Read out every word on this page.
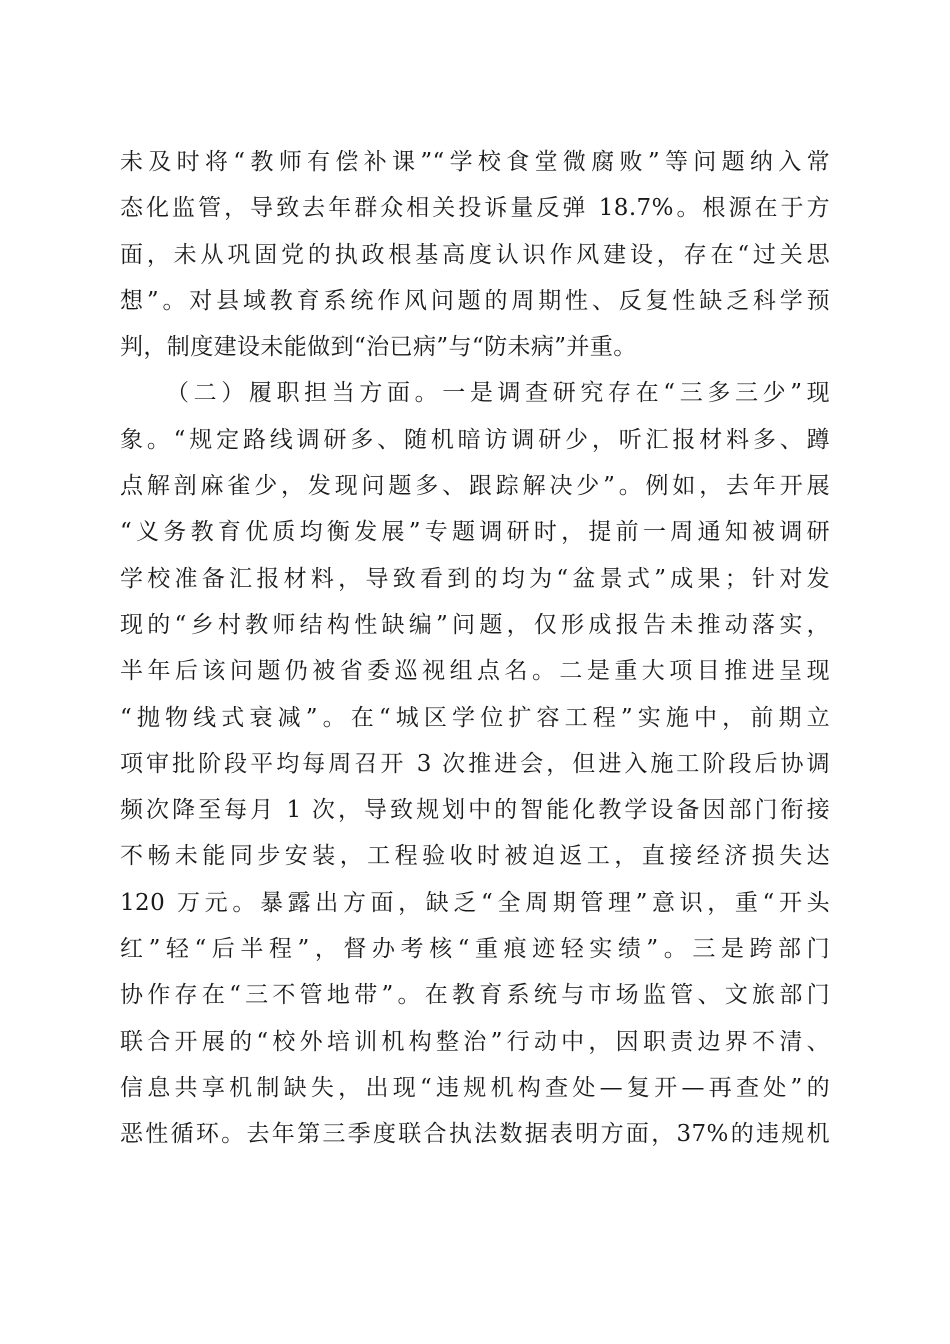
未及时将“教师有偿补课”“学校食堂微腐败”等问题纳入常
态化监管，导致去年群众相关投诉量反弹 18.7%。根源在于方
面，未从巩固党的执政根基高度认识作风建设，存在“过关思
想”。对县域教育系统作风问题的周期性、反复性缺乏科学预
判，制度建设未能做到“治已病”与“防未病”并重。
（二）履职担当方面。一是调查研究存在“三多三少”现
象。“规定路线调研多、随机暗访调研少，听汇报材料多、蹲
点解剖麻雀少，发现问题多、跟踪解决少”。例如，去年开展
“义务教育优质均衡发展”专题调研时，提前一周通知被调研
学校准备汇报材料，导致看到的均为“盆景式”成果；针对发
现的“乡村教师结构性缺编”问题，仅形成报告未推动落实，
半年后该问题仍被省委巡视组点名。二是重大项目推进呈现
“抛物线式衰减”。在“城区学位扩容工程”实施中，前期立
项审批阶段平均每周召开 3 次推进会，但进入施工阶段后协调
频次降至每月 1 次，导致规划中的智能化教学设备因部门衔接
不畅未能同步安装，工程验收时被迫返工，直接经济损失达
120 万元。暴露出方面，缺乏“全周期管理”意识，重“开头
红”轻“后半程”，督办考核“重痕迹轻实绩”。三是跨部门
协作存在“三不管地带”。在教育系统与市场监管、文旅部门
联合开展的“校外培训机构整治”行动中，因职责边界不清、
信息共享机制缺失，出现“违规机构查处—复开—再查处”的
恶性循环。去年第三季度联合执法数据表明方面，37%的违规机
